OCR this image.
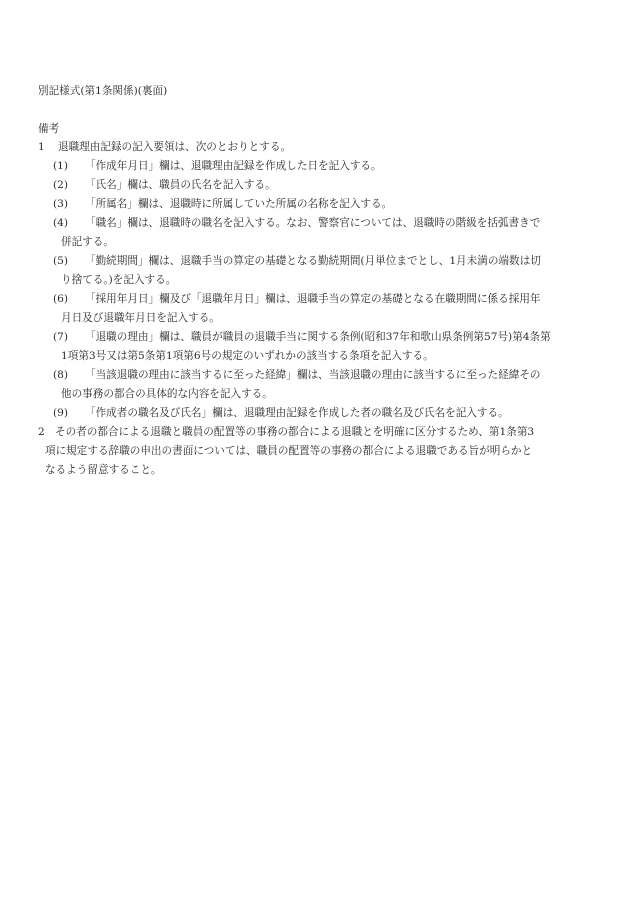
別記様式(第1条関係)(裏面)
備考
1 退職理由記録の記入要領は、次のとおりとする。
(1) 「作成年月日」欄は、退職理由記録を作成した日を記入する。
(2) 「氏名」欄は、職員の氏名を記入する。
(3) 「所属名」欄は、退職時に所属していた所属の名称を記入する。
(4) 「職名」欄は、退職時の職名を記入する。なお、警察官については、退職時の階級を括弧書きで
併記する。
(5) 「勤続期間」欄は、退職手当の算定の基礎となる勤続期間(月単位までとし、1月未満の端数は切
り捨てる。)を記入する。
(6) 「採用年月日」欄及び「退職年月日」欄は、退職手当の算定の基礎となる在職期間に係る採用年
月日及び退職年月日を記入する。
(7) 「退職の理由」欄は、職員が職員の退職手当に関する条例(昭和37年和歌山県条例第57号)第4条第
1項第3号又は第5条第1項第6号の規定のいずれかの該当する条項を記入する。
(8) 「当該退職の理由に該当するに至った経緯」欄は、当該退職の理由に該当するに至った経緯その
他の事務の都合の具体的な内容を記入する。
(9) 「作成者の職名及び氏名」欄は、退職理由記録を作成した者の職名及び氏名を記入する。
2 その者の都合による退職と職員の配置等の事務の都合による退職とを明確に区分するため、第1条第3
項に規定する辞職の申出の書面については、職員の配置等の事務の都合による退職である旨が明らかと
なるよう留意すること。
